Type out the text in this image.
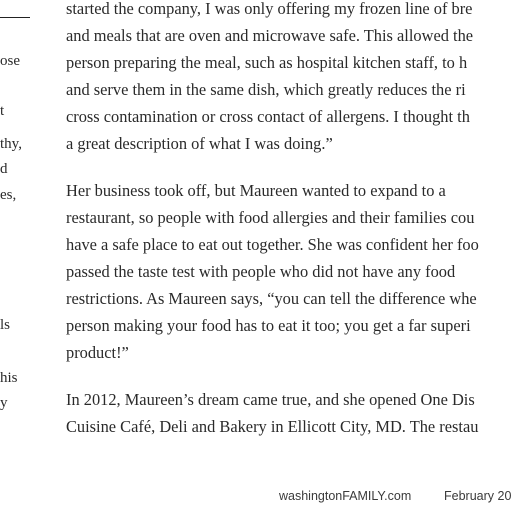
ose

t

thy,

d

es,

ls

his

y

started the company, I was only offering my frozen line of bre

and meals that are oven and microwave safe. This allowed the

person preparing the meal, such as hospital kitchen staff, to h

and serve them in the same dish, which greatly reduces the ri

cross contamination or cross contact of allergens. I thought th

a great description of what I was doing.”

Her business took off, but Maureen wanted to expand to a

restaurant, so people with food allergies and their families cou

have a safe place to eat out together. She was confident her foo

passed the taste test with people who did not have any food

restrictions. As Maureen says, “you can tell the difference whe

person making your food has to eat it too; you get a far superi

product!”

In 2012, Maureen’s dream came true, and she opened One Dis

Cuisine Café, Deli and Bakery in Ellicott City, MD. The restau

washingtonFAMILY.com	February 20
